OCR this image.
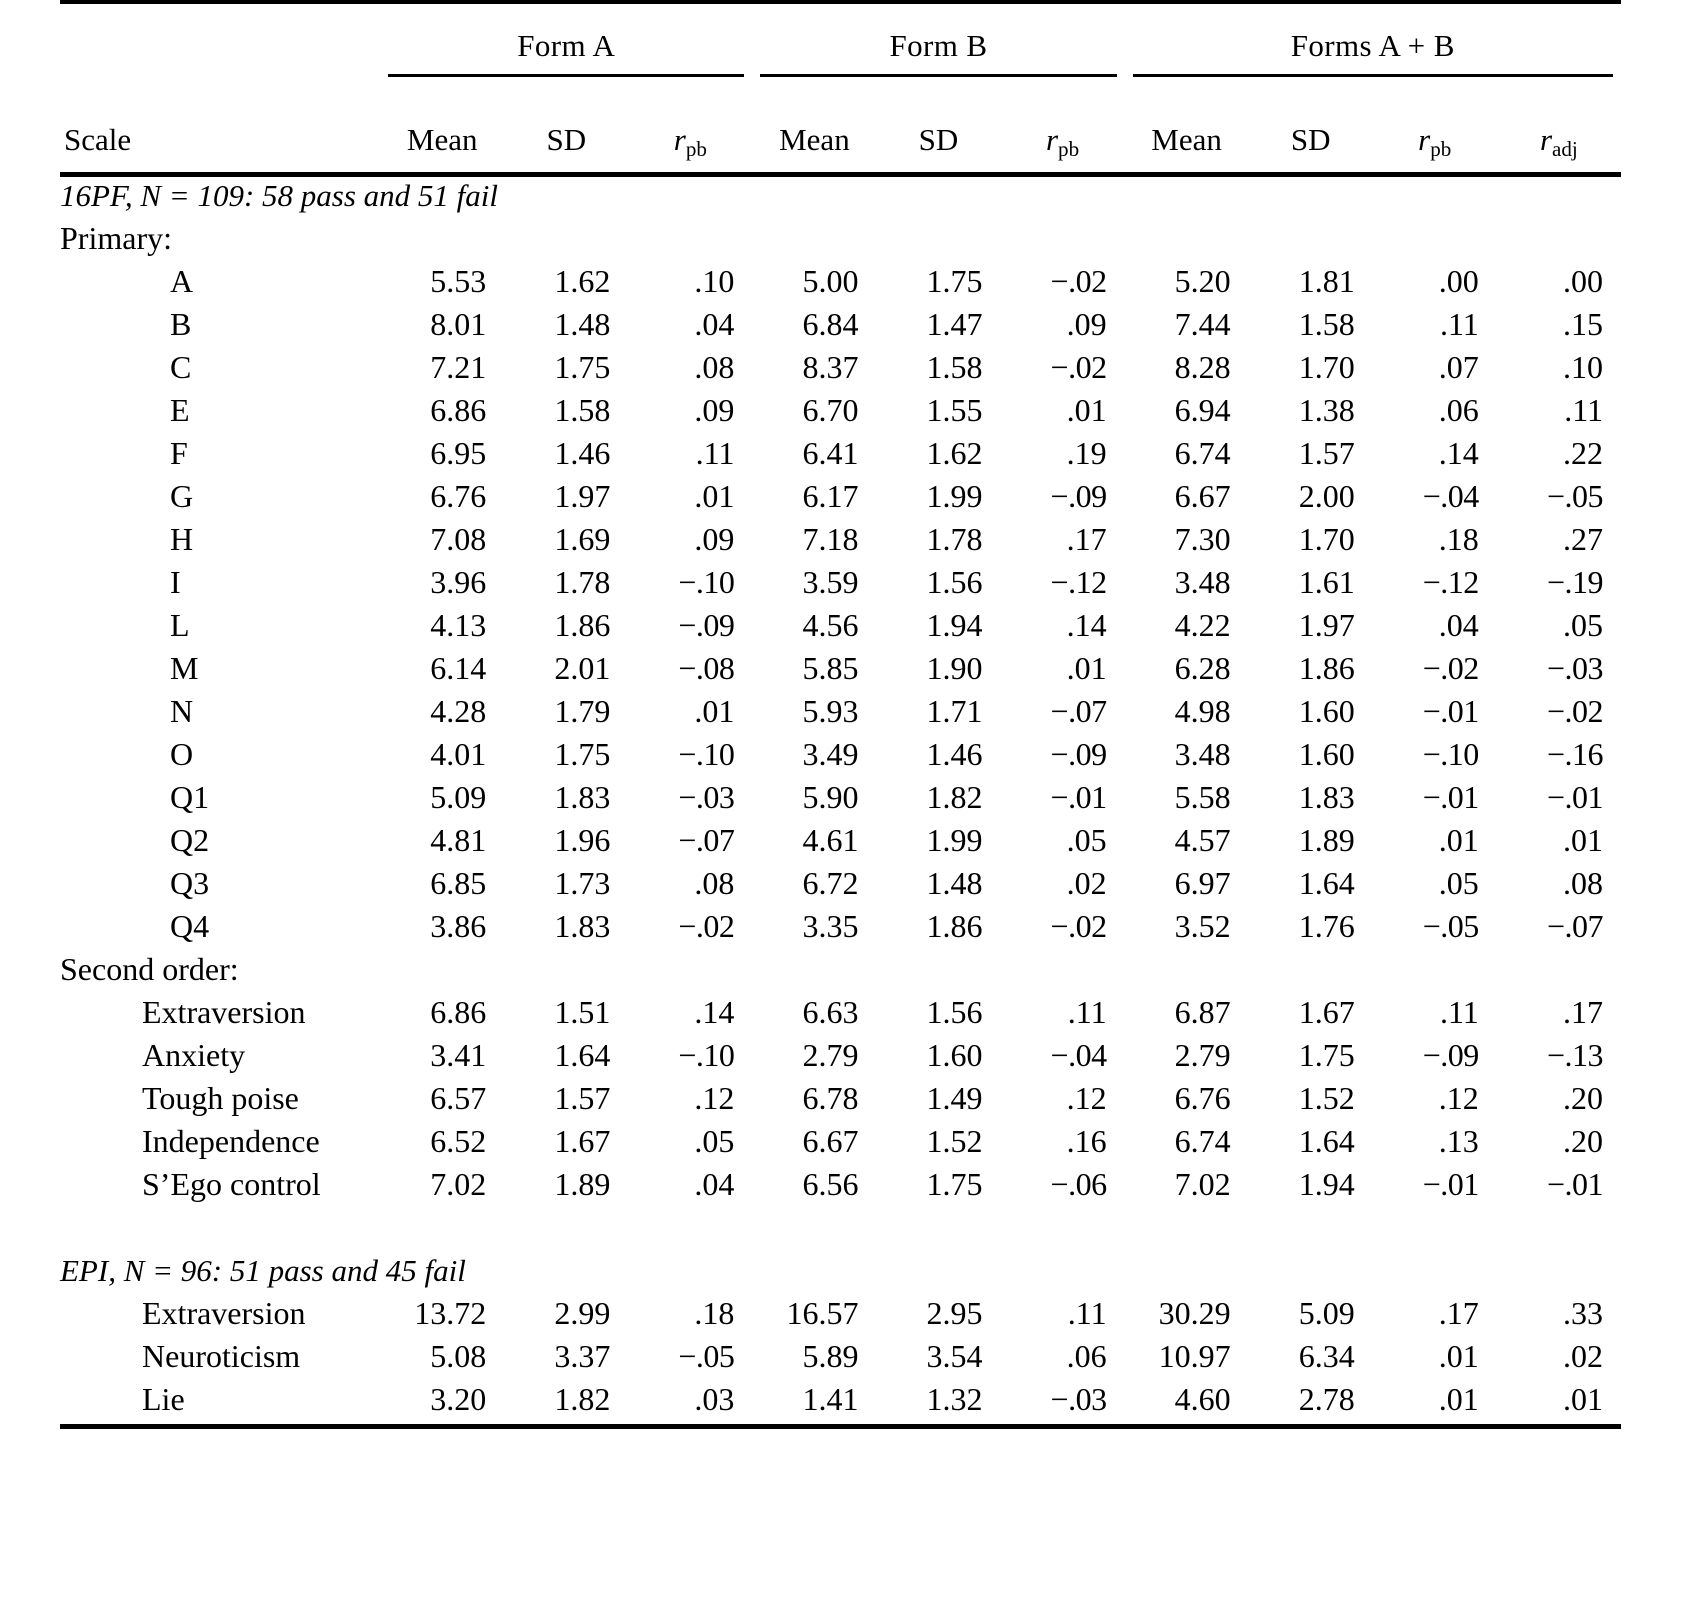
	Form A			Form B			Forms A + B			

Scale	Mean	SD	$r_{pb}$	Mean	SD	$r_{pb}$	Mean	SD	$r_{pb}$	$r_{adj}$

16PF, N = 109: 58 pass and 51 fail										
Primary:										
A	5.53	1.62	.10	5.00	1.75	−.02	5.20	1.81	.00	.00
B	8.01	1.48	.04	6.84	1.47	.09	7.44	1.58	.11	.15
C	7.21	1.75	.08	8.37	1.58	−.02	8.28	1.70	.07	.10
E	6.86	1.58	.09	6.70	1.55	.01	6.94	1.38	.06	.11
F	6.95	1.46	.11	6.41	1.62	.19	6.74	1.57	.14	.22
G	6.76	1.97	.01	6.17	1.99	−.09	6.67	2.00	−.04	−.05
H	7.08	1.69	.09	7.18	1.78	.17	7.30	1.70	.18	.27
I	3.96	1.78	−.10	3.59	1.56	−.12	3.48	1.61	−.12	−.19
L	4.13	1.86	−.09	4.56	1.94	.14	4.22	1.97	.04	.05
M	6.14	2.01	−.08	5.85	1.90	.01	6.28	1.86	−.02	−.03
N	4.28	1.79	.01	5.93	1.71	−.07	4.98	1.60	−.01	−.02
O	4.01	1.75	−.10	3.49	1.46	−.09	3.48	1.60	−.10	−.16
Q1	5.09	1.83	−.03	5.90	1.82	−.01	5.58	1.83	−.01	−.01
Q2	4.81	1.96	−.07	4.61	1.99	.05	4.57	1.89	.01	.01
Q3	6.85	1.73	.08	6.72	1.48	.02	6.97	1.64	.05	.08
Q4	3.86	1.83	−.02	3.35	1.86	−.02	3.52	1.76	−.05	−.07
Second order:										
Extraversion	6.86	1.51	.14	6.63	1.56	.11	6.87	1.67	.11	.17
Anxiety	3.41	1.64	−.10	2.79	1.60	−.04	2.79	1.75	−.09	−.13
Tough poise	6.57	1.57	.12	6.78	1.49	.12	6.76	1.52	.12	.20
Independence	6.52	1.67	.05	6.67	1.52	.16	6.74	1.64	.13	.20
S’Ego control	7.02	1.89	.04	6.56	1.75	−.06	7.02	1.94	−.01	−.01

EPI, N = 96: 51 pass and 45 fail										
Extraversion	13.72	2.99	.18	16.57	2.95	.11	30.29	5.09	.17	.33
Neuroticism	5.08	3.37	−.05	5.89	3.54	.06	10.97	6.34	.01	.02
Lie	3.20	1.82	.03	1.41	1.32	−.03	4.60	2.78	.01	.01
